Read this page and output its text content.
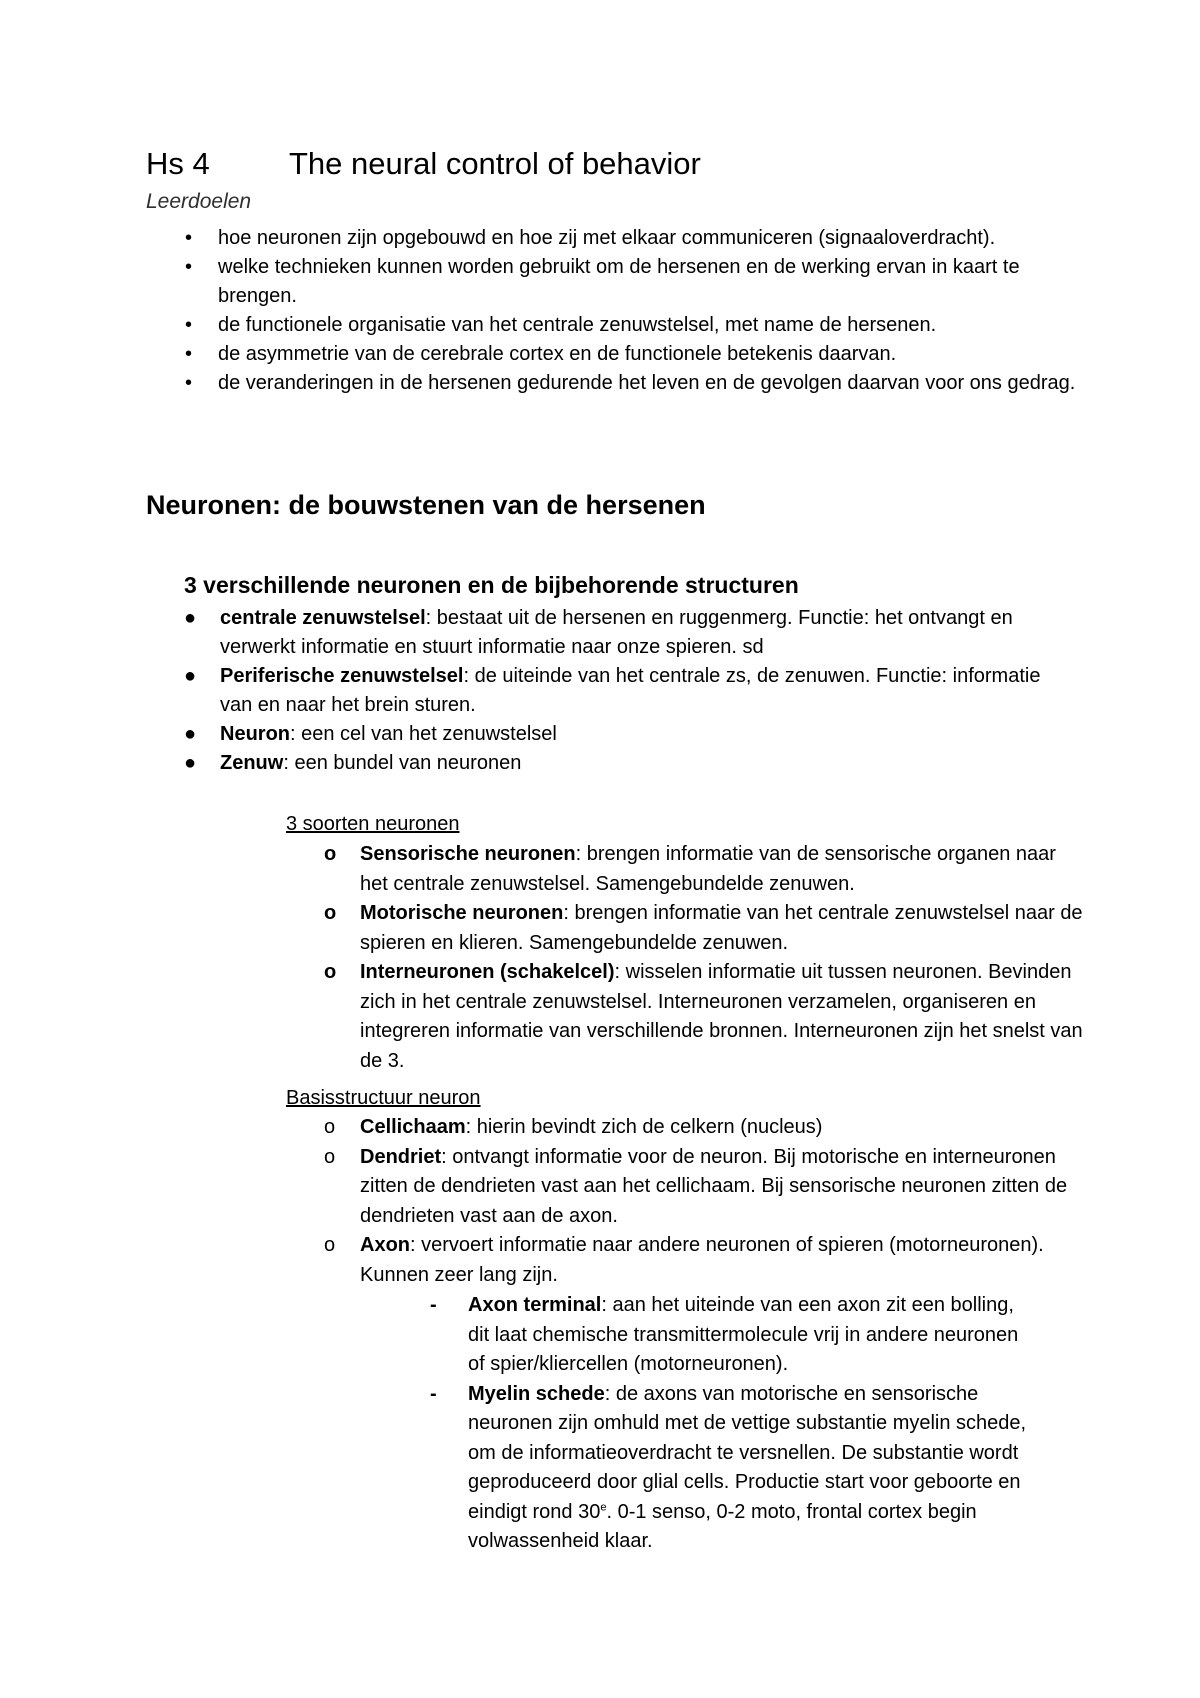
Hs 4	The neural control of behavior
Leerdoelen
• hoe neuronen zijn opgebouwd en hoe zij met elkaar communiceren (signaaloverdracht).
• welke technieken kunnen worden gebruikt om de hersenen en de werking ervan in kaart te brengen.
• de functionele organisatie van het centrale zenuwstelsel, met name de hersenen.
• de asymmetrie van de cerebrale cortex en de functionele betekenis daarvan.
• de veranderingen in de hersenen gedurende het leven en de gevolgen daarvan voor ons gedrag.
Neuronen: de bouwstenen van de hersenen
3 verschillende neuronen en de bijbehorende structuren
● centrale zenuwstelsel: bestaat uit de hersenen en ruggenmerg. Functie: het ontvangt en verwerkt informatie en stuurt informatie naar onze spieren. sd
● Periferische zenuwstelsel: de uiteinde van het centrale zs, de zenuwen. Functie: informatie van en naar het brein sturen.
● Neuron: een cel van het zenuwstelsel
● Zenuw: een bundel van neuronen
3 soorten neuronen
o Sensorische neuronen: brengen informatie van de sensorische organen naar het centrale zenuwstelsel. Samengebundelde zenuwen.
o Motorische neuronen: brengen informatie van het centrale zenuwstelsel naar de spieren en klieren. Samengebundelde zenuwen.
o Interneuronen (schakelcel): wisselen informatie uit tussen neuronen. Bevinden zich in het centrale zenuwstelsel. Interneuronen verzamelen, organiseren en integreren informatie van verschillende bronnen. Interneuronen zijn het snelst van de 3.
Basisstructuur neuron
o Cellichaam: hierin bevindt zich de celkern (nucleus)
o Dendriet: ontvangt informatie voor de neuron. Bij motorische en interneuronen zitten de dendrieten vast aan het cellichaam. Bij sensorische neuronen zitten de dendrieten vast aan de axon.
o Axon: vervoert informatie naar andere neuronen of spieren (motorneuronen). Kunnen zeer lang zijn.
- Axon terminal: aan het uiteinde van een axon zit een bolling, dit laat chemische transmittermolecule vrij in andere neuronen of spier/kliercellen (motorneuronen).
- Myelin schede: de axons van motorische en sensorische neuronen zijn omhuld met de vettige substantie myelin schede, om de informatieoverdracht te versnellen. De substantie wordt geproduceerd door glial cells. Productie start voor geboorte en eindigt rond 30e. 0-1 senso, 0-2 moto, frontal cortex begin volwassenheid klaar.
